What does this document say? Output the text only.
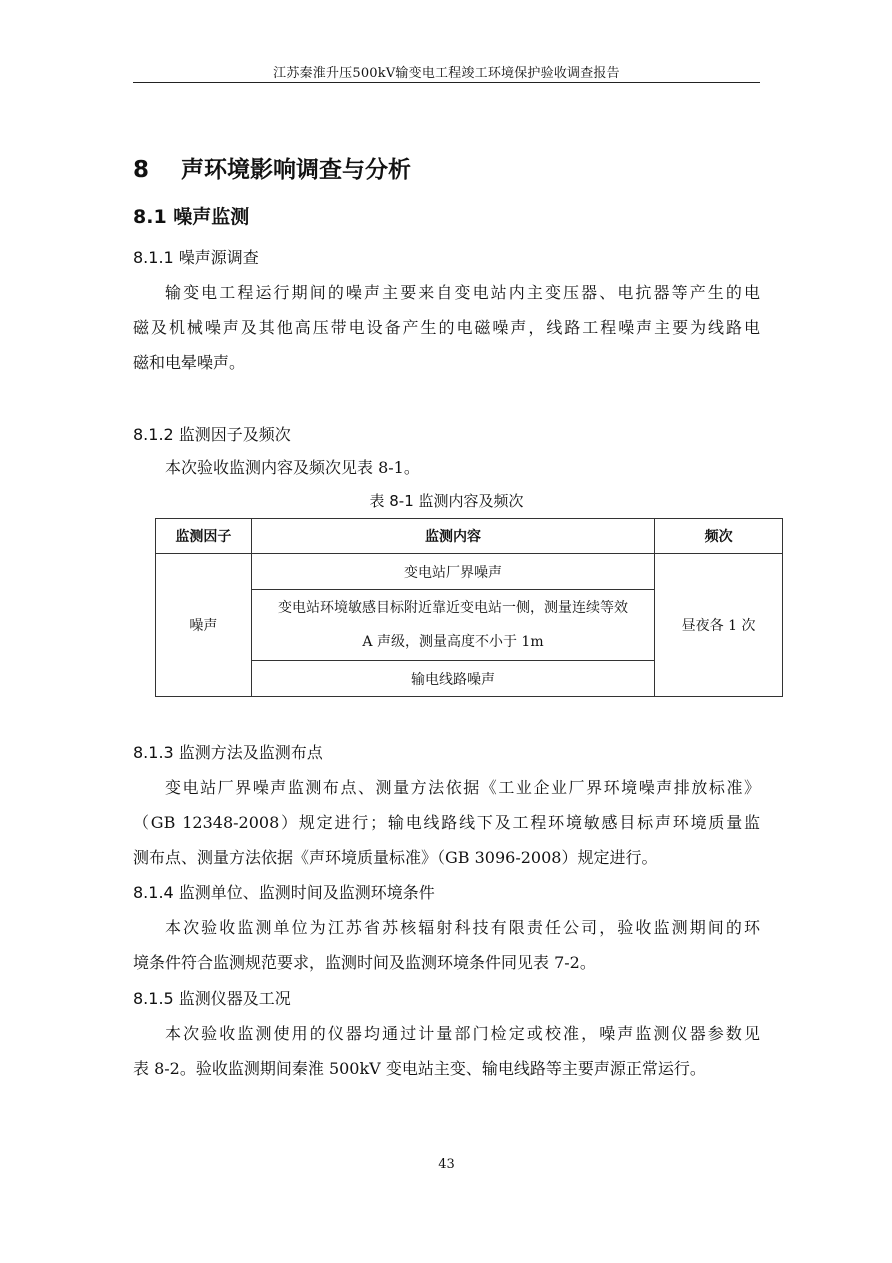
江苏秦淮升压500kV输变电工程竣工环境保护验收调查报告
8 声环境影响调查与分析
8.1 噪声监测
8.1.1 噪声源调查
输变电工程运行期间的噪声主要来自变电站内主变压器、电抗器等产生的电
磁及机械噪声及其他高压带电设备产生的电磁噪声，线路工程噪声主要为线路电
磁和电晕噪声。
8.1.2 监测因子及频次
本次验收监测内容及频次见表 8-1。
表 8-1 监测内容及频次
监测因子	监测内容	频次
噪声	变电站厂界噪声	昼夜各 1 次

	变电站环境敏感目标附近靠近变电站一侧，测量连续等效
A 声级，测量高度不小于 1m	

	输电线路噪声	
8.1.3 监测方法及监测布点
变电站厂界噪声监测布点、测量方法依据《工业企业厂界环境噪声排放标准》
（GB 12348-2008）规定进行；输电线路线下及工程环境敏感目标声环境质量监
测布点、测量方法依据《声环境质量标准》（GB 3096-2008）规定进行。
8.1.4 监测单位、监测时间及监测环境条件
本次验收监测单位为江苏省苏核辐射科技有限责任公司，验收监测期间的环
境条件符合监测规范要求，监测时间及监测环境条件同见表 7-2。
8.1.5 监测仪器及工况
本次验收监测使用的仪器均通过计量部门检定或校准，噪声监测仪器参数见
表 8-2。验收监测期间秦淮 500kV 变电站主变、输电线路等主要声源正常运行。
43
